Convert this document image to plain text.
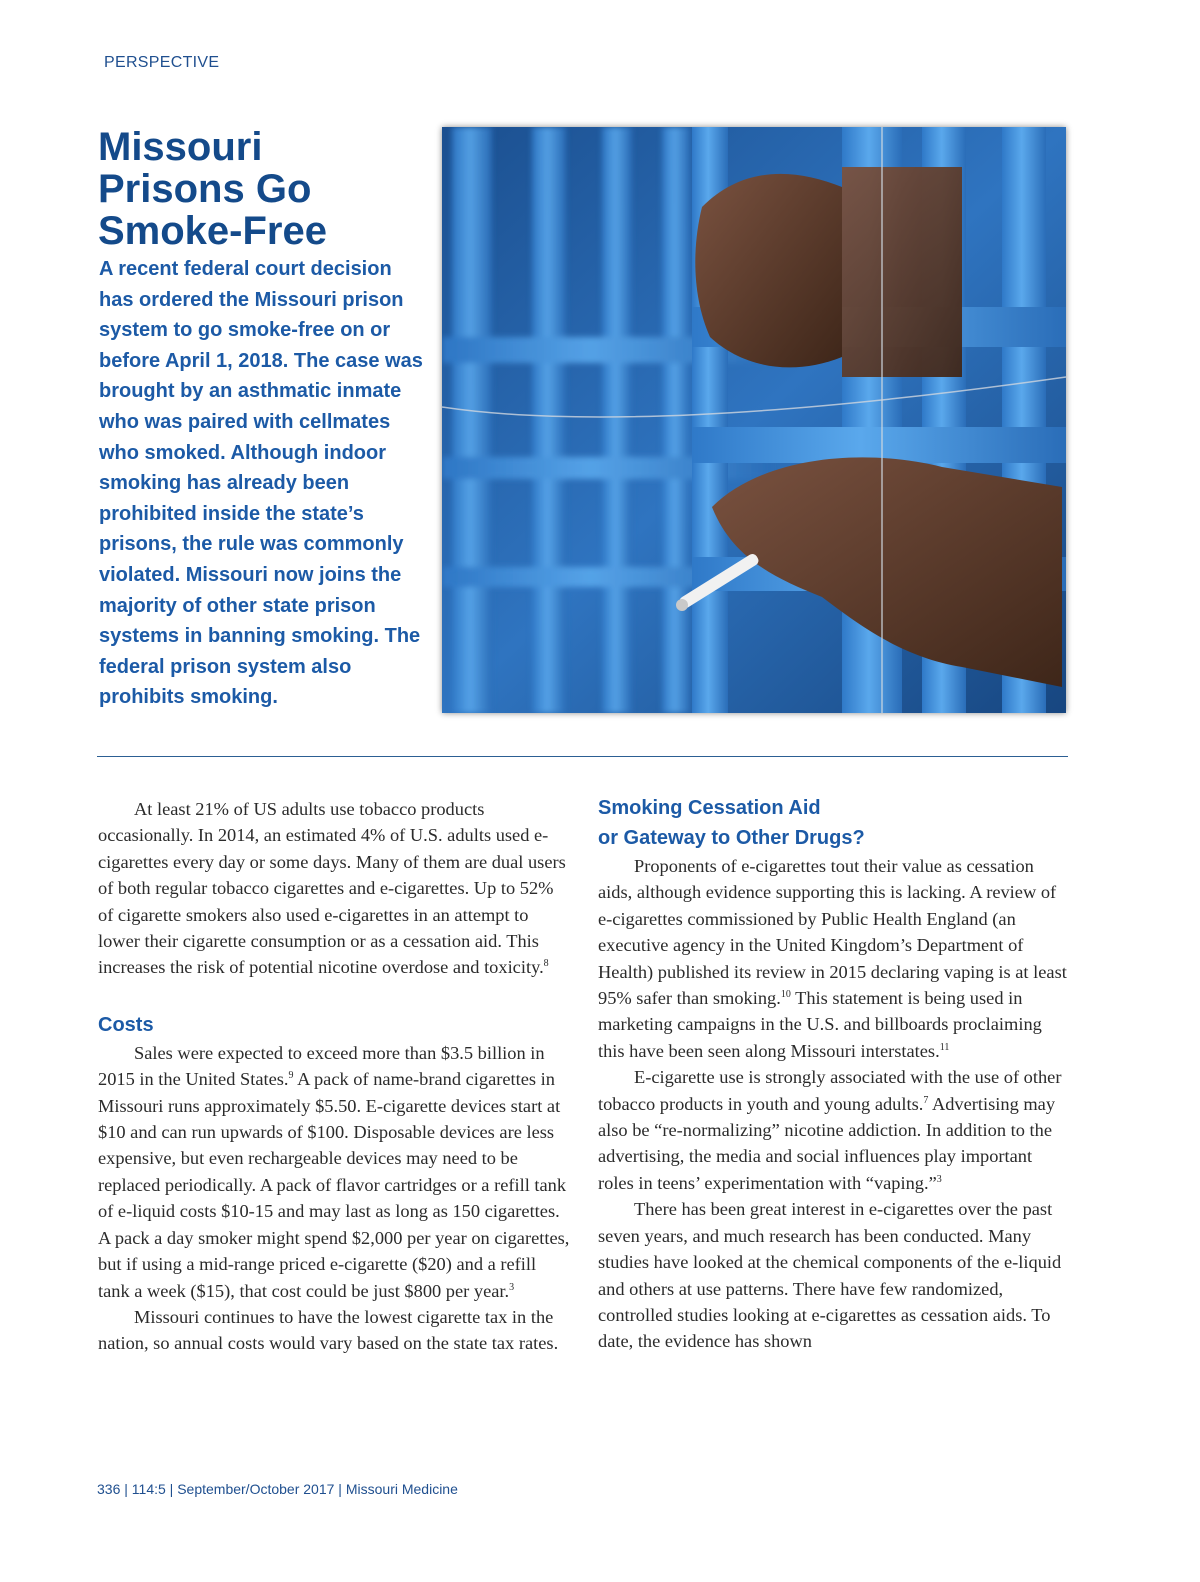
PERSPECTIVE
Missouri Prisons Go Smoke-Free

A recent federal court decision has ordered the Missouri prison system to go smoke-free on or before April 1, 2018. The case was brought by an asthmatic inmate who was paired with cellmates who smoked. Although indoor smoking has already been prohibited inside the state’s prisons, the rule was commonly violated. Missouri now joins the majority of other state prison systems in banning smoking. The federal prison system also prohibits smoking.

At least 21% of US adults use tobacco products occasionally. In 2014, an estimated 4% of U.S. adults used e-cigarettes every day or some days. Many of them are dual users of both regular tobacco cigarettes and e-cigarettes. Up to 52% of cigarette smokers also used e-cigarettes in an attempt to lower their cigarette consumption or as a cessation aid. This increases the risk of potential nicotine overdose and toxicity.$^8$

Costs

Sales were expected to exceed more than $3.5 billion in 2015 in the United States.$^9$ A pack of name-brand cigarettes in Missouri runs approximately $5.50. E-cigarette devices start at $10 and can run upwards of $100. Disposable devices are less expensive, but even rechargeable devices may need to be replaced periodically. A pack of flavor cartridges or a refill tank of e-liquid costs $10-15 and may last as long as 150 cigarettes. A pack a day smoker might spend $2,000 per year on cigarettes, but if using a mid-range priced e-cigarette ($20) and a refill tank a week ($15), that cost could be just $800 per year.$^3$

Missouri continues to have the lowest cigarette tax in the nation, so annual costs would vary based on the state tax rates.

Smoking Cessation Aid
or Gateway to Other Drugs?

Proponents of e-cigarettes tout their value as cessation aids, although evidence supporting this is lacking. A review of e-cigarettes commissioned by Public Health England (an executive agency in the United Kingdom’s Department of Health) published its review in 2015 declaring vaping is at least 95% safer than smoking.$^{10}$ This statement is being used in marketing campaigns in the U.S. and billboards proclaiming this have been seen along Missouri interstates.$^{11}$

E-cigarette use is strongly associated with the use of other tobacco products in youth and young adults.$^7$ Advertising may also be “re-normalizing” nicotine addiction. In addition to the advertising, the media and social influences play important roles in teens’ experimentation with “vaping.”$^3$

There has been great interest in e-cigarettes over the past seven years, and much research has been conducted. Many studies have looked at the chemical components of the e-liquid and others at use patterns. There have few randomized, controlled studies looking at e-cigarettes as cessation aids. To date, the evidence has shown

336 | 114:5 | September/October 2017 | Missouri Medicine
